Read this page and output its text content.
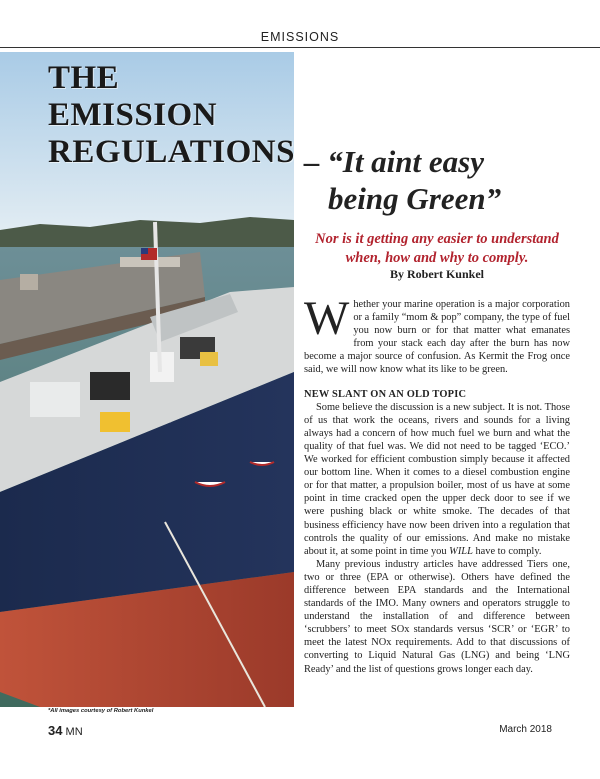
EMISSIONS
THE
EMISSION
REGULATIONS – “It aint easy
being Green”
Nor is it getting any easier to understand when, how and why to comply.
By Robert Kunkel

Whether your marine operation is a major corporation or a family “mom & pop” company, the type of fuel you now burn or for that matter what emanates from your stack each day after the burn has now become a major source of confusion. As Kermit the Frog once said, we will now know what its like to be green.

NEW SLANT ON AN OLD TOPIC

Some believe the discussion is a new subject. It is not. Those of us that work the oceans, rivers and sounds for a living always had a concern of how much fuel we burn and what the quality of that fuel was. We did not need to be tagged ‘ECO.’ We worked for efficient combustion simply because it affected our bottom line. When it comes to a diesel combustion engine or for that matter, a propulsion boiler, most of us have at some point in time cracked open the upper deck door to see if we were pushing black or white smoke. The decades of that business efficiency have now been driven into a regulation that controls the quality of our emissions. And make no mistake about it, at some point in time you WILL have to comply.

Many previous industry articles have addressed Tiers one, two or three (EPA or otherwise). Others have defined the difference between EPA standards and the International standards of the IMO. Many owners and operators struggle to understand the installation of and difference between ‘scrubbers’ to meet SOx standards versus ‘SCR’ or ‘EGR’ to meet the latest NOx requirements. Add to that discussions of converting to Liquid Natural Gas (LNG) and being ‘LNG Ready’ and the list of questions grows longer each day.

*All images courtesy of Robert Kunkel
34 MN	March 2018
